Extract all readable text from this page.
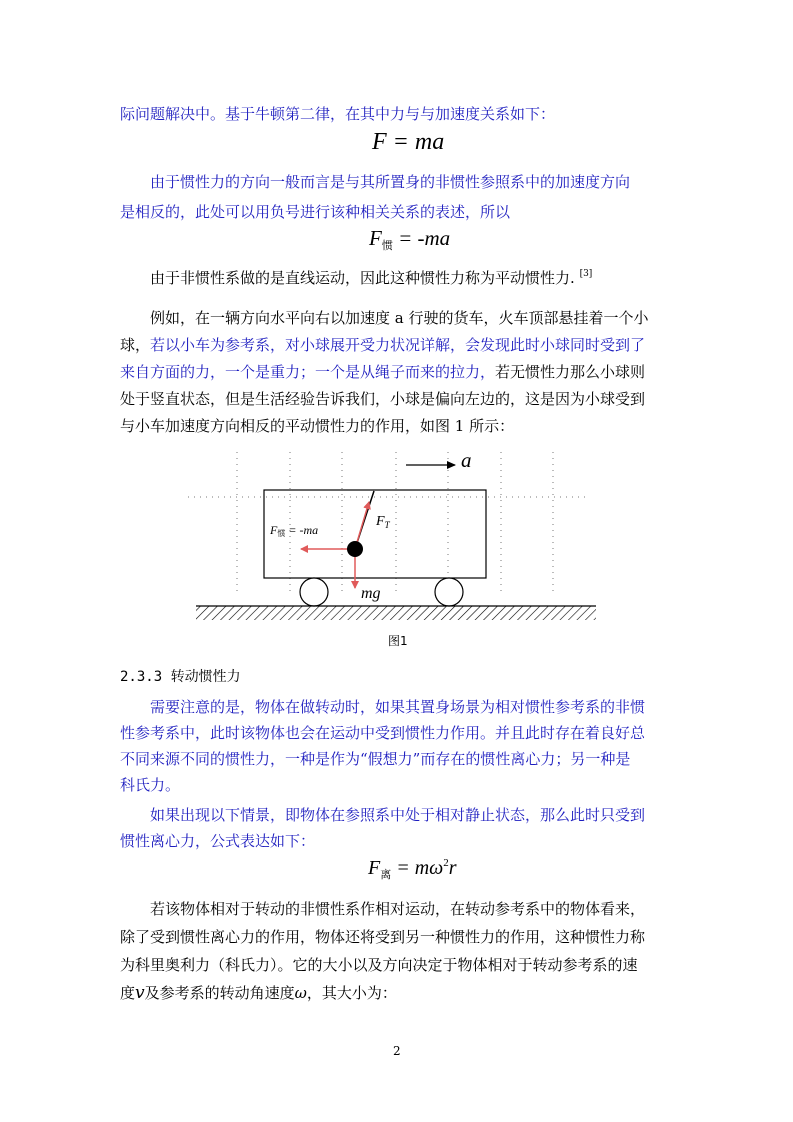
际问题解决中。基于牛顿第二律，在其中力与与加速度关系如下：
F = ma
由于惯性力的方向一般而言是与其所置身的非惯性参照系中的加速度方向
是相反的，此处可以用负号进行该种相关关系的表述，所以
F惯 = -ma
由于非惯性系做的是直线运动，因此这种惯性力称为平动惯性力. [3]
例如，在一辆方向水平向右以加速度 a 行驶的货车，火车顶部悬挂着一个小
球，若以小车为参考系，对小球展开受力状况详解，会发现此时小球同时受到了
来自方面的力，一个是重力；一个是从绳子而来的拉力，若无惯性力那么小球则
处于竖直状态，但是生活经验告诉我们，小球是偏向左边的，这是因为小球受到
与小车加速度方向相反的平动惯性力的作用，如图 1 所示：
a
$F_T$
F惯 = -ma
mg
图1
2.3.3 转动惯性力
需要注意的是，物体在做转动时，如果其置身场景为相对惯性参考系的非惯
性参考系中，此时该物体也会在运动中受到惯性力作用。并且此时存在着良好总
不同来源不同的惯性力，一种是作为“假想力”而存在的惯性离心力；另一种是
科氏力。
如果出现以下情景，即物体在参照系中处于相对静止状态，那么此时只受到
惯性离心力，公式表达如下：
$F_离 = m\omega^2r$
若该物体相对于转动的非惯性系作相对运动，在转动参考系中的物体看来，
除了受到惯性离心力的作用，物体还将受到另一种惯性力的作用，这种惯性力称
为科里奥利力（科氏力）。它的大小以及方向决定于物体相对于转动参考系的速
度v及参考系的转动角速度ω，其大小为：
2
